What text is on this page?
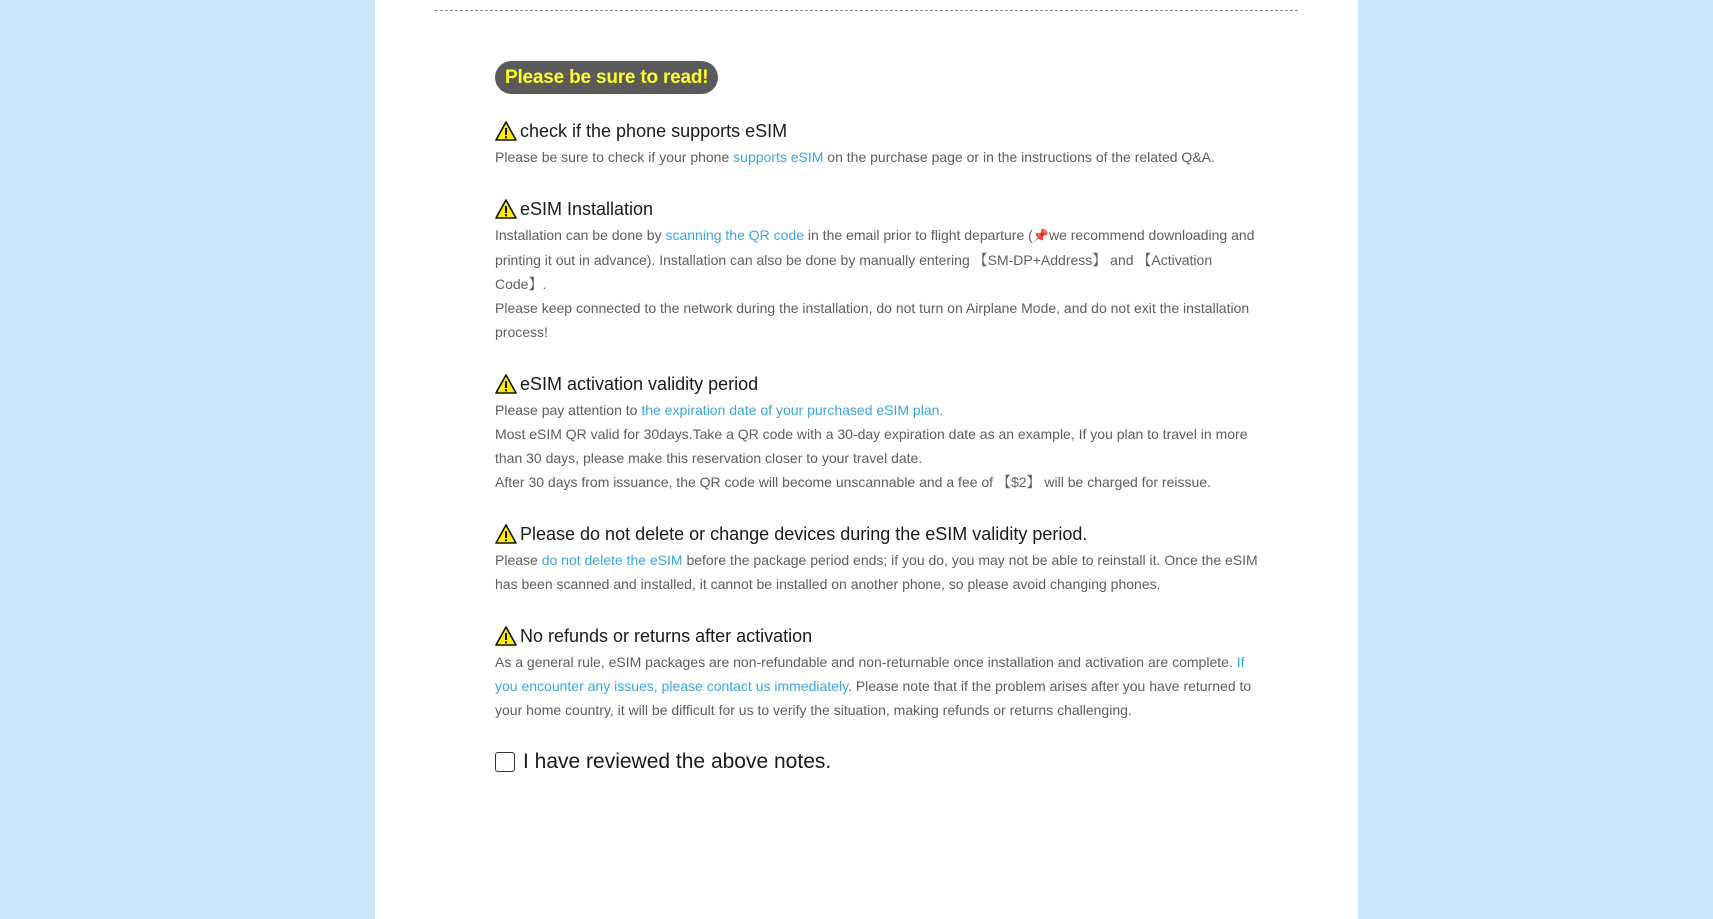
Please be sure to read!
check if the phone supports eSIM

Please be sure to check if your phone supports eSIM on the purchase page or in the instructions of the related Q&A.

eSIM Installation

Installation can be done by scanning the QR code in the email prior to flight departure (📌we recommend downloading and printing it out in advance). Installation can also be done by manually entering 【SM-DP+Address】 and 【Activation Code】.

Please keep connected to the network during the installation, do not turn on Airplane Mode, and do not exit the installation process!

eSIM activation validity period

Please pay attention to the expiration date of your purchased eSIM plan.

Most eSIM QR valid for 30days.Take a QR code with a 30-day expiration date as an example, If you plan to travel in more than 30 days, please make this reservation closer to your travel date.

After 30 days from issuance, the QR code will become unscannable and a fee of 【$2】 will be charged for reissue.

Please do not delete or change devices during the eSIM validity period.

Please do not delete the eSIM before the package period ends; if you do, you may not be able to reinstall it. Once the eSIM has been scanned and installed, it cannot be installed on another phone, so please avoid changing phones.

No refunds or returns after activation

As a general rule, eSIM packages are non-refundable and non-returnable once installation and activation are complete. If you encounter any issues, please contact us immediately. Please note that if the problem arises after you have returned to your home country, it will be difficult for us to verify the situation, making refunds or returns challenging.

I have reviewed the above notes.
